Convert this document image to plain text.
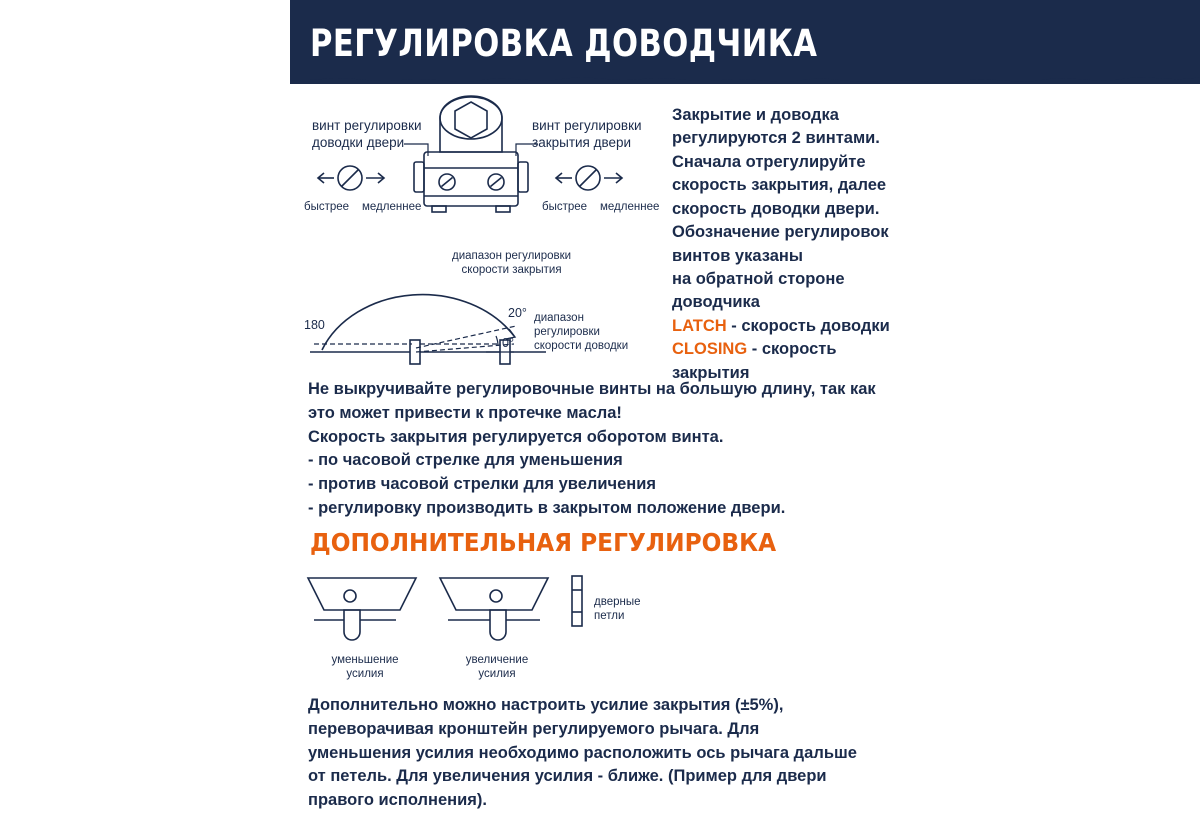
РЕГУЛИРОВКА ДОВОДЧИКА
винт регулировки
доводки двери
винт регулировки
закрытия двери
быстрее медленнее	быстрее медленнее
диапазон регулировки
скорости закрытия
180
20°
0°
диапазон
регулировки
скорости доводки
Закрытие и доводка
регулируются 2 винтами.
Сначала отрегулируйте
скорость закрытия, далее
скорость доводки двери.
Обозначение регулировок
винтов указаны
на обратной стороне
доводчика
LATCH - скорость доводки
CLOSING - скорость
закрытия
Не выкручивайте регулировочные винты на большую длину, так как
это может привести к протечке масла!
Скорость закрытия регулируется оборотом винта.
- по часовой стрелке для уменьшения
- против часовой стрелки для увеличения
- регулировку производить в закрытом положение двери.
ДОПОЛНИТЕЛЬНАЯ РЕГУЛИРОВКА
уменьшение
усилия
увеличение
усилия
дверные
петли
Дополнительно можно настроить усилие закрытия (±5%),
переворачивая кронштейн регулируемого рычага. Для
уменьшения усилия необходимо расположить ось рычага дальше
от петель. Для увеличения усилия - ближе. (Пример для двери
правого исполнения).
